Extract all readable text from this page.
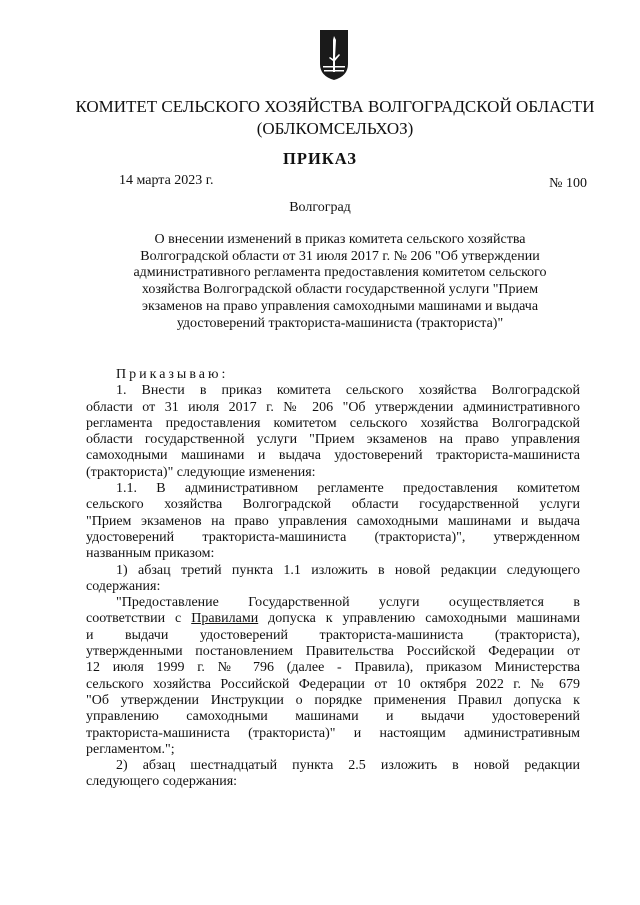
КОМИТЕТ СЕЛЬСКОГО ХОЗЯЙСТВА ВОЛГОГРАДСКОЙ ОБЛАСТИ
(ОБЛКОМСЕЛЬХОЗ)
ПРИКАЗ
14 марта 2023 г.	№ 100
Волгоград
О внесении изменений в приказ комитета сельского хозяйства
Волгоградской области от 31 июля 2017 г. № 206 "Об утверждении
административного регламента предоставления комитетом сельского
хозяйства Волгоградской области государственной услуги "Прием
экзаменов на право управления самоходными машинами и выдача
удостоверений тракториста-машиниста (тракториста)"
Приказываю:
1. Внести в приказ комитета сельского хозяйства Волгоградской
области от 31 июля 2017 г. № 206 "Об утверждении административного
регламента предоставления комитетом сельского хозяйства Волгоградской
области государственной услуги "Прием экзаменов на право управления
самоходными машинами и выдача удостоверений тракториста-машиниста
(тракториста)" следующие изменения:
1.1. В административном регламенте предоставления комитетом
сельского хозяйства Волгоградской области государственной услуги
"Прием экзаменов на право управления самоходными машинами и выдача
удостоверений тракториста-машиниста (тракториста)", утвержденном
названным приказом:
1) абзац третий пункта 1.1 изложить в новой редакции следующего
содержания:
"Предоставление Государственной услуги осуществляется в
соответствии с Правилами допуска к управлению самоходными машинами
и выдачи удостоверений тракториста-машиниста (тракториста),
утвержденными постановлением Правительства Российской Федерации от
12 июля 1999 г. № 796 (далее - Правила), приказом Министерства
сельского хозяйства Российской Федерации от 10 октября 2022 г. № 679
"Об утверждении Инструкции о порядке применения Правил допуска к
управлению самоходными машинами и выдачи удостоверений
тракториста-машиниста (тракториста)" и настоящим административным
регламентом.";
2) абзац шестнадцатый пункта 2.5 изложить в новой редакции
следующего содержания:
